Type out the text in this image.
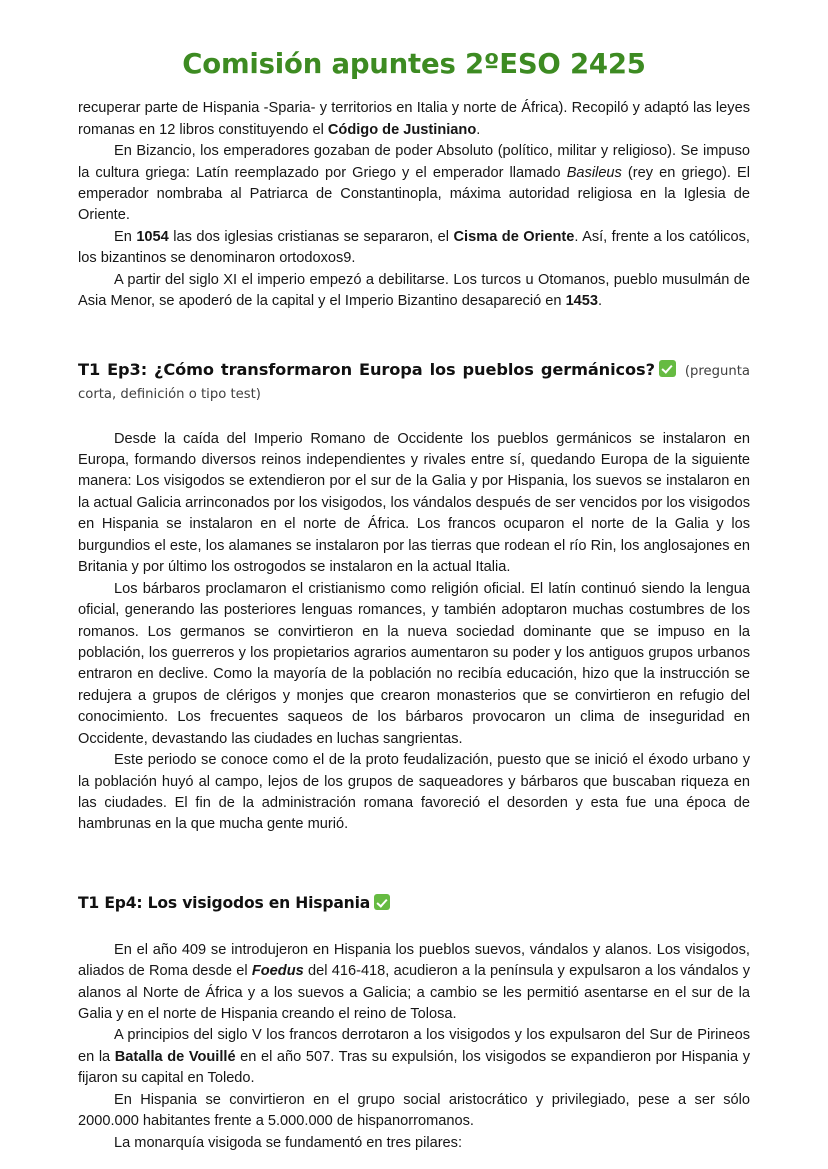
Comisión apuntes 2ºESO 2425

recuperar parte de Hispania -Sparia- y territorios en Italia y norte de África). Recopiló y adaptó las leyes romanas en 12 libros constituyendo el Código de Justiniano.

En Bizancio, los emperadores gozaban de poder Absoluto (político, militar y religioso). Se impuso la cultura griega: Latín reemplazado por Griego y el emperador llamado Basileus (rey en griego). El emperador nombraba al Patriarca de Constantinopla, máxima autoridad religiosa en la Iglesia de Oriente.

En 1054 las dos iglesias cristianas se separaron, el Cisma de Oriente. Así, frente a los católicos, los bizantinos se denominaron ortodoxos9.

A partir del siglo XI el imperio empezó a debilitarse. Los turcos u Otomanos, pueblo musulmán de Asia Menor, se apoderó de la capital y el Imperio Bizantino desapareció en 1453.

T1 Ep3: ¿Cómo transformaron Europa los pueblos germánicos? (pregunta corta, definición o tipo test)

Desde la caída del Imperio Romano de Occidente los pueblos germánicos se instalaron en Europa, formando diversos reinos independientes y rivales entre sí, quedando Europa de la siguiente manera: Los visigodos se extendieron por el sur de la Galia y por Hispania, los suevos se instalaron en la actual Galicia arrinconados por los visigodos, los vándalos después de ser vencidos por los visigodos en Hispania se instalaron en el norte de África. Los francos ocuparon el norte de la Galia y los burgundios el este, los alamanes se instalaron por las tierras que rodean el río Rin, los anglosajones en Britania y por último los ostrogodos se instalaron en la actual Italia.

Los bárbaros proclamaron el cristianismo como religión oficial. El latín continuó siendo la lengua oficial, generando las posteriores lenguas romances, y también adoptaron muchas costumbres de los romanos. Los germanos se convirtieron en la nueva sociedad dominante que se impuso en la población, los guerreros y los propietarios agrarios aumentaron su poder y los antiguos grupos urbanos entraron en declive. Como la mayoría de la población no recibía educación, hizo que la instrucción se redujera a grupos de clérigos y monjes que crearon monasterios que se convirtieron en refugio del conocimiento. Los frecuentes saqueos de los bárbaros provocaron un clima de inseguridad en Occidente, devastando las ciudades en luchas sangrientas.

Este periodo se conoce como el de la proto feudalización, puesto que se inició el éxodo urbano y la población huyó al campo, lejos de los grupos de saqueadores y bárbaros que buscaban riqueza en las ciudades. El fin de la administración romana favoreció el desorden y esta fue una época de hambrunas en la que mucha gente murió.

T1 Ep4: Los visigodos en Hispania

En el año 409 se introdujeron en Hispania los pueblos suevos, vándalos y alanos. Los visigodos, aliados de Roma desde el Foedus del 416-418, acudieron a la península y expulsaron a los vándalos y alanos al Norte de África y a los suevos a Galicia; a cambio se les permitió asentarse en el sur de la Galia y en el norte de Hispania creando el reino de Tolosa.

A principios del siglo V los francos derrotaron a los visigodos y los expulsaron del Sur de Pirineos en la Batalla de Vouillé en el año 507. Tras su expulsión, los visigodos se expandieron por Hispania y fijaron su capital en Toledo.

En Hispania se convirtieron en el grupo social aristocrático y privilegiado, pese a ser sólo 2000.000 habitantes frente a 5.000.000 de hispanorromanos.

La monarquía visigoda se fundamentó en tres pilares:
